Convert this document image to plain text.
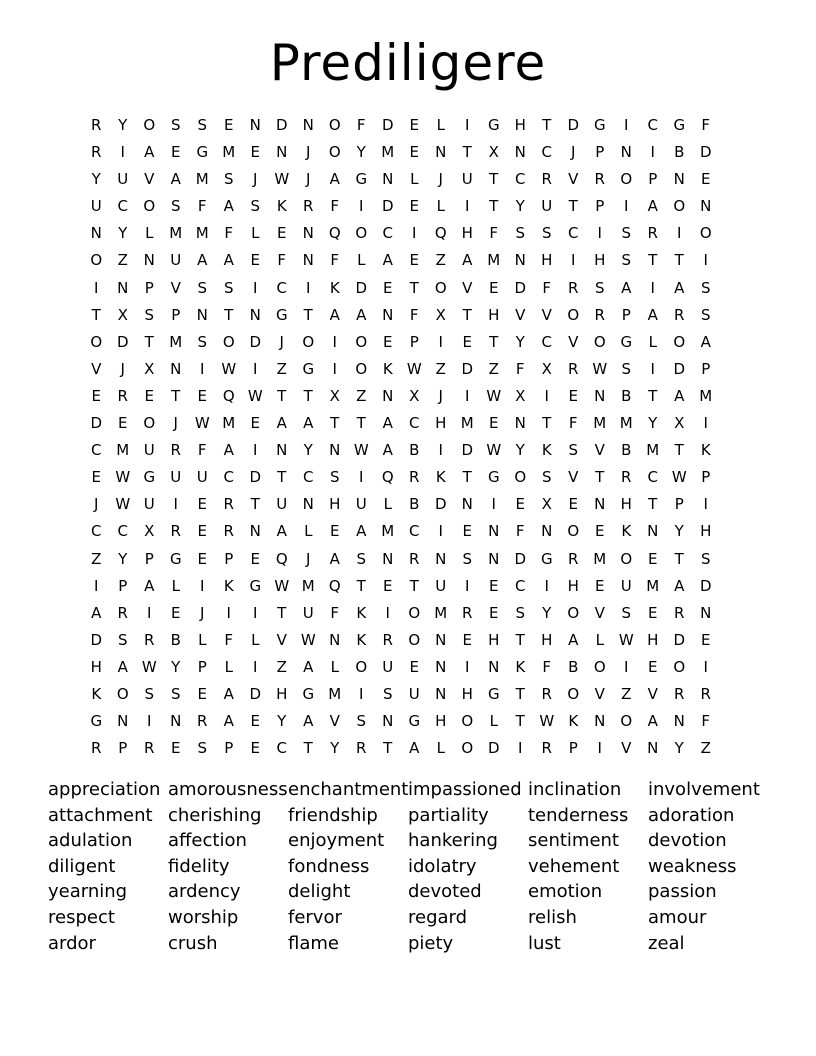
Prediligere
R	Y	O	S	S	E	N	D	N O	F	D	E	L	I	G	H	T	D G	I	C	G	F
R	I	A	E	G M	E	N	J	O	Y	M	E	N	T	X	N	C	J	P	N	I	B	D
Y	U	V	A M	S	J	W	J	A	G	N	L	J	U	T	C	R	V	R	O	P	N	E
U	C	O	S	F	A	S	K	R	F	I	D	E	L	I	T	Y	U	T	P	I	A	O N
N	Y	L	M M	F	L	E	N Q O	C	I	Q H	F	S	S	C	I	S	R	I	O
O	Z	N	U	A	A	E	F	N	F	L	A	E	Z	A M N	H	I	H	S	T	T	I
I	N	P	V	S	S	I	C	I	K	D	E	T	O	V	E	D	F	R	S	A	I	A	S
T	X	S	P	N	T	N	G	T	A	A	N	F	X	T	H	V	V	O	R	P	A	R	S
O D	T	M	S	O D	J	O	I	O	E	P	I	E	T	Y	C	V	O G	L	O	A
V	J	X	N	I	W	I	Z	G	I	O	K W Z	D	Z	F	X	R W S	I	D	P
E	R	E	T	E	Q W T	T	X	Z	N	X	J	I	W X	I	E	N	B	T	A M
D	E	O	J	W M	E	A	A	T	T	A	C	H M	E	N	T	F	M M	Y	X	I
C M U	R	F	A	I	N	Y	N W A	B	I	D W Y	K	S	V	B M	T	K
E W G	U	U	C	D	T	C	S	I	Q	R	K	T	G O	S	V	T	R	C W P
J	W U	I	E	R	T	U	N	H	U	L	B	D	N	I	E	X	E	N	H	T	P	I
C	C	X	R	E	R	N	A	L	E	A M C	I	E	N	F	N O	E	K	N	Y	H
Z	Y	P	G	E	P	E	Q	J	A	S	N	R	N	S	N	D G	R M O	E	T	S
I	P	A	L	I	K	G W M Q	T	E	T	U	I	E	C	I	H	E	U M A	D
A	R	I	E	J	I	I	T	U	F	K	I	O M R	E	S	Y	O	V	S	E	R	N
D	S	R	B	L	F	L	V W N	K	R	O N	E	H	T	H	A	L W H	D	E
H	A W Y	P	L	I	Z	A	L	O	U	E	N	I	N	K	F	B	O	I	E	O	I
K	O	S	S	E	A	D	H	G M	I	S	U	N	H	G	T	R	O	V	Z	V	R	R
G	N	I	N	R	A	E	Y	A	V	S	N	G	H O	L	T W K	N O	A	N	F
R	P	R	E	S	P	E	C	T	Y	R	T	A	L	O D	I	R	P	I	V	N	Y	Z
appreciation amorousness enchantment impassioned inclination	involvement
attachment cherishing	friendship	partiality	tenderness	adoration
adulation	affection	enjoyment	hankering	sentiment	devotion
diligent	fidelity	fondness	idolatry	vehement	weakness
yearning	ardency	delight	devoted	emotion	passion
respect	worship	fervor	regard	relish	amour
ardor	crush	flame	piety	lust	zeal
